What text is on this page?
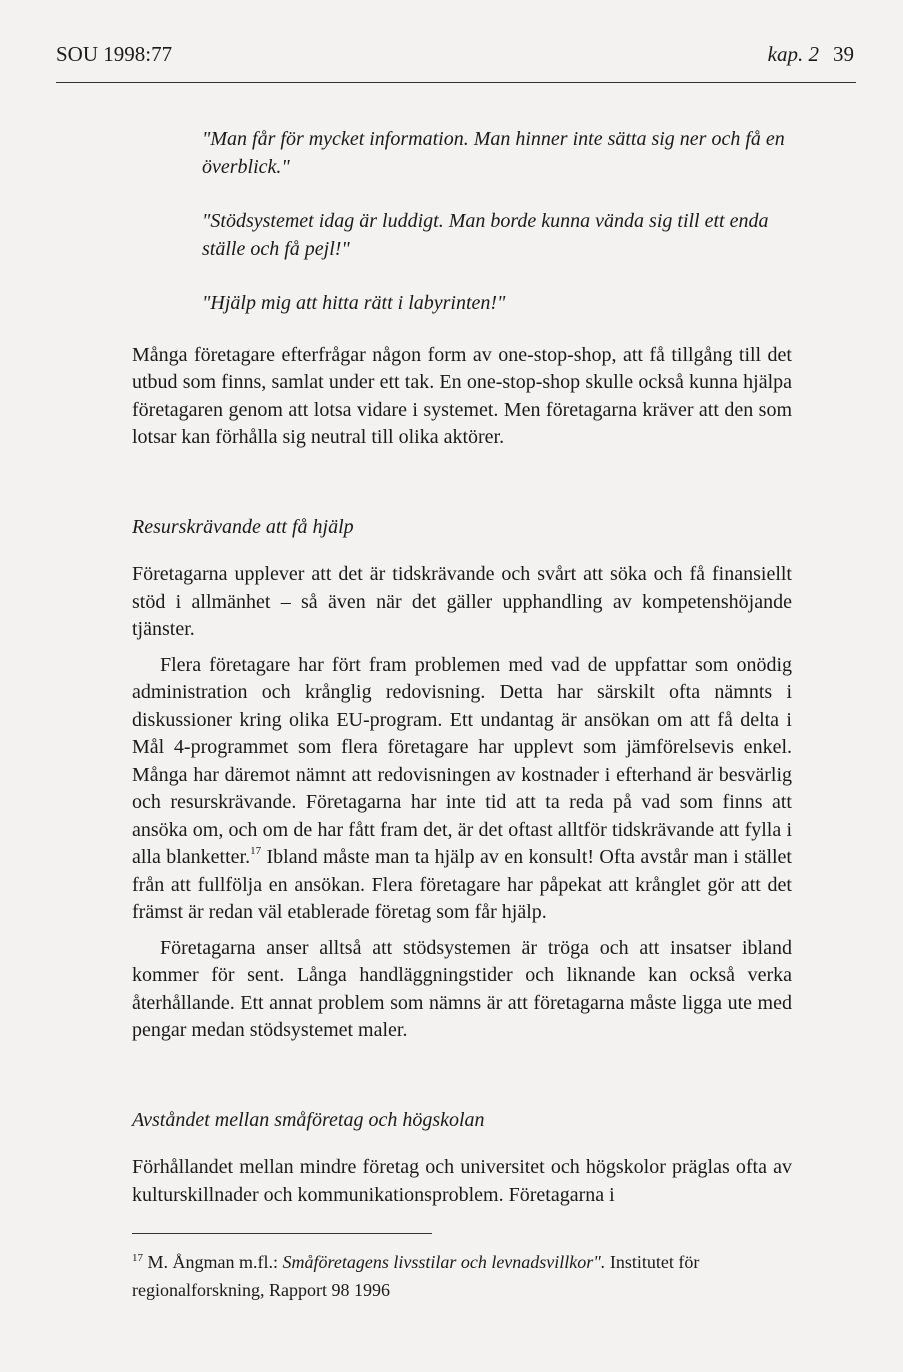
SOU 1998:77	kap. 2 39

"Man får för mycket information. Man hinner inte sätta sig ner och få en överblick."

"Stödsystemet idag är luddigt. Man borde kunna vända sig till ett enda ställe och få pejl!"

"Hjälp mig att hitta rätt i labyrinten!"

Många företagare efterfrågar någon form av one-stop-shop, att få tillgång till det utbud som finns, samlat under ett tak. En one-stop-shop skulle också kunna hjälpa företagaren genom att lotsa vidare i systemet. Men företagarna kräver att den som lotsar kan förhålla sig neutral till olika aktörer.

Resurskrävande att få hjälp

Företagarna upplever att det är tidskrävande och svårt att söka och få finansiellt stöd i allmänhet – så även när det gäller upphandling av kompetenshöjande tjänster.

Flera företagare har fört fram problemen med vad de uppfattar som onödig administration och krånglig redovisning. Detta har särskilt ofta nämnts i diskussioner kring olika EU-program. Ett undantag är ansökan om att få delta i Mål 4-programmet som flera företagare har upplevt som jämförelsevis enkel. Många har däremot nämnt att redovisningen av kostnader i efterhand är besvärlig och resurskrävande. Företagarna har inte tid att ta reda på vad som finns att ansöka om, och om de har fått fram det, är det oftast alltför tidskrävande att fylla i alla blanketter.$^{17}$ Ibland måste man ta hjälp av en konsult! Ofta avstår man i stället från att fullfölja en ansökan. Flera företagare har påpekat att krånglet gör att det främst är redan väl etablerade företag som får hjälp.

Företagarna anser alltså att stödsystemen är tröga och att insatser ibland kommer för sent. Långa handläggningstider och liknande kan också verka återhållande. Ett annat problem som nämns är att företagarna måste ligga ute med pengar medan stödsystemet maler.

Avståndet mellan småföretag och högskolan

Förhållandet mellan mindre företag och universitet och högskolor präglas ofta av kulturskillnader och kommunikationsproblem. Företagarna i

$^{17}$ M. Ångman m.fl.: Småföretagens livsstilar och levnadsvillkor". Institutet för regionalforskning, Rapport 98 1996
